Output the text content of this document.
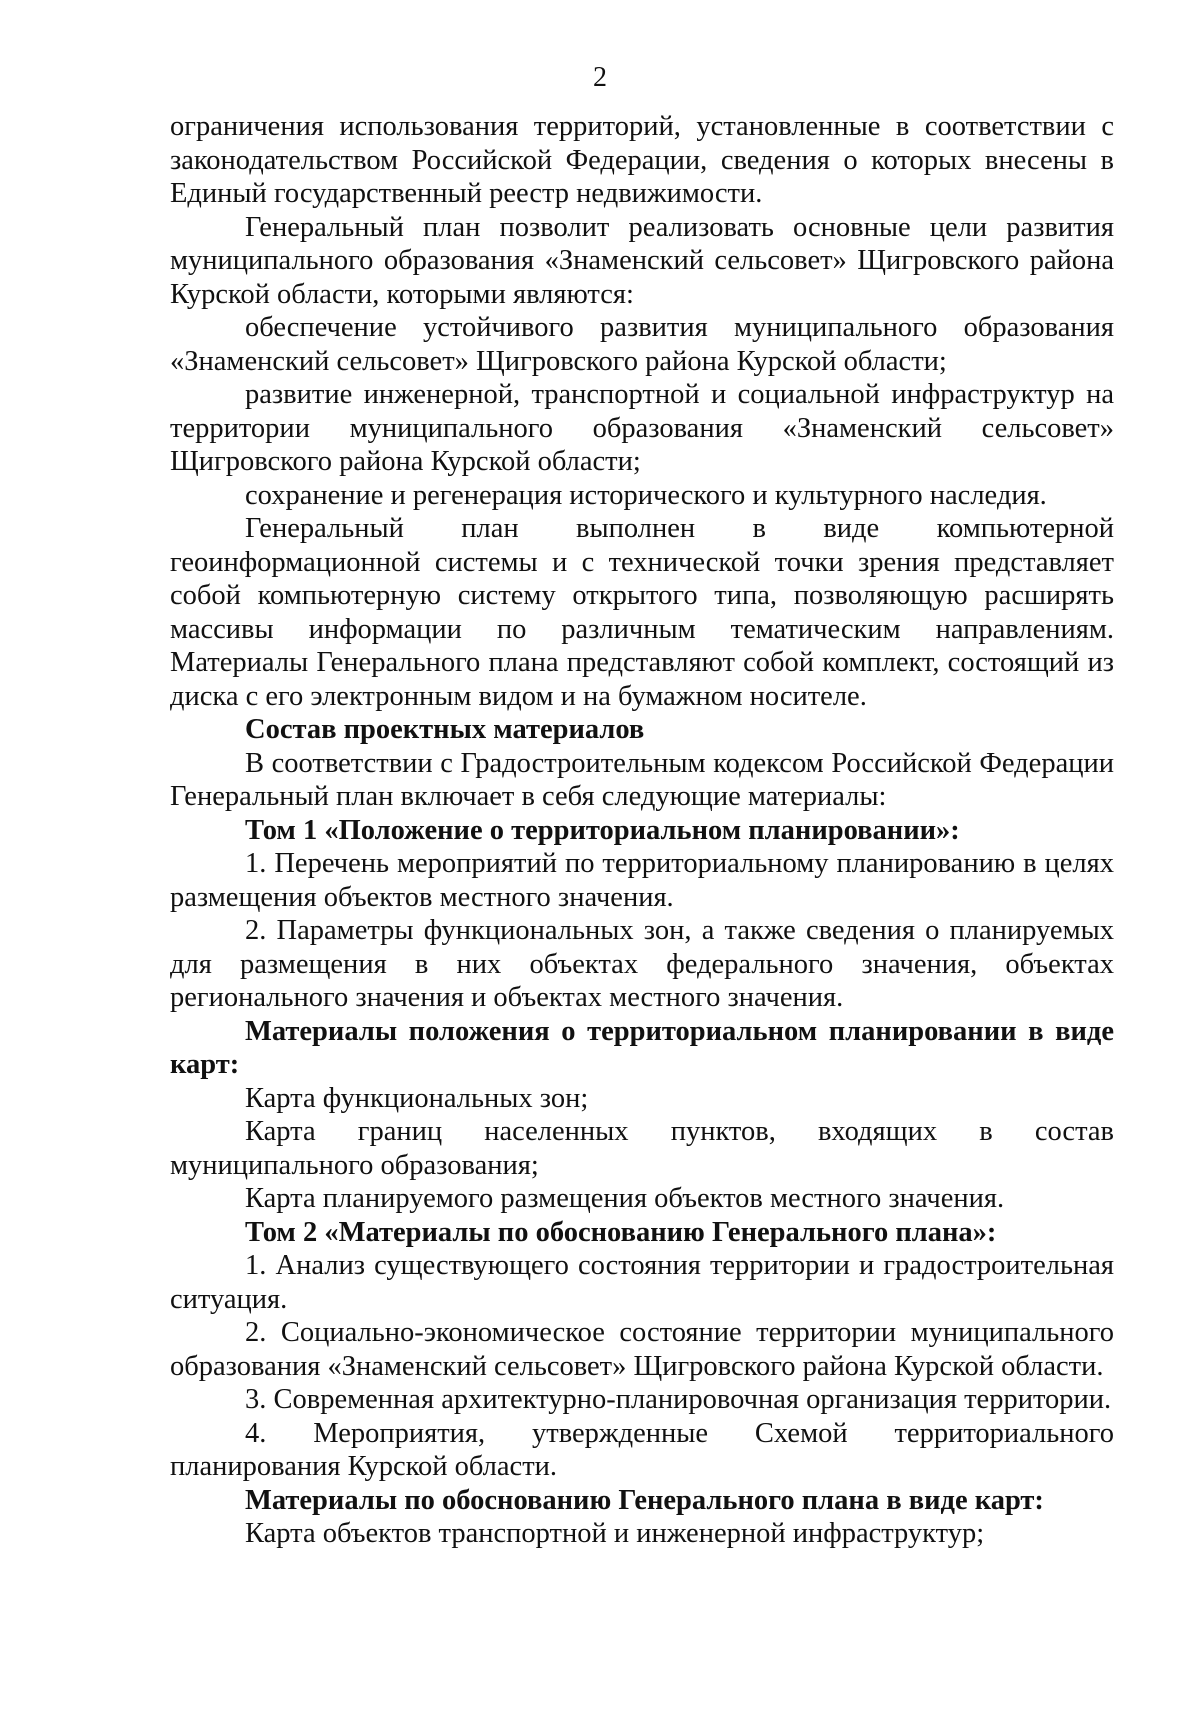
2

ограничения использования территорий, установленные в соответствии с законодательством Российской Федерации, сведения о которых внесены в Единый государственный реестр недвижимости.

Генеральный план позволит реализовать основные цели развития муниципального образования «Знаменский сельсовет» Щигровского района Курской области, которыми являются:

обеспечение устойчивого развития муниципального образования «Знаменский сельсовет» Щигровского района Курской области;

развитие инженерной, транспортной и социальной инфраструктур на территории муниципального образования «Знаменский сельсовет» Щигровского района Курской области;

сохранение и регенерация исторического и культурного наследия.

Генеральный план выполнен в виде компьютерной геоинформационной системы и с технической точки зрения представляет собой компьютерную систему открытого типа, позволяющую расширять массивы информации по различным тематическим направлениям. Материалы Генерального плана представляют собой комплект, состоящий из диска с его электронным видом и на бумажном носителе.

Состав проектных материалов

В соответствии с Градостроительным кодексом Российской Федерации Генеральный план включает в себя следующие материалы:

Том 1 «Положение о территориальном планировании»:

1. Перечень мероприятий по территориальному планированию в целях размещения объектов местного значения.

2. Параметры функциональных зон, а также сведения о планируемых для размещения в них объектах федерального значения, объектах регионального значения и объектах местного значения.

Материалы положения о территориальном планировании в виде карт:

Карта функциональных зон;

Карта границ населенных пунктов, входящих в состав муниципального образования;

Карта планируемого размещения объектов местного значения.

Том 2 «Материалы по обоснованию Генерального плана»:

1. Анализ существующего состояния территории и градостроительная ситуация.

2. Социально-экономическое состояние территории муниципального образования «Знаменский сельсовет» Щигровского района Курской области.

3. Современная архитектурно-планировочная организация территории.

4. Мероприятия, утвержденные Схемой территориального планирования Курской области.

Материалы по обоснованию Генерального плана в виде карт:

Карта объектов транспортной и инженерной инфраструктур;
